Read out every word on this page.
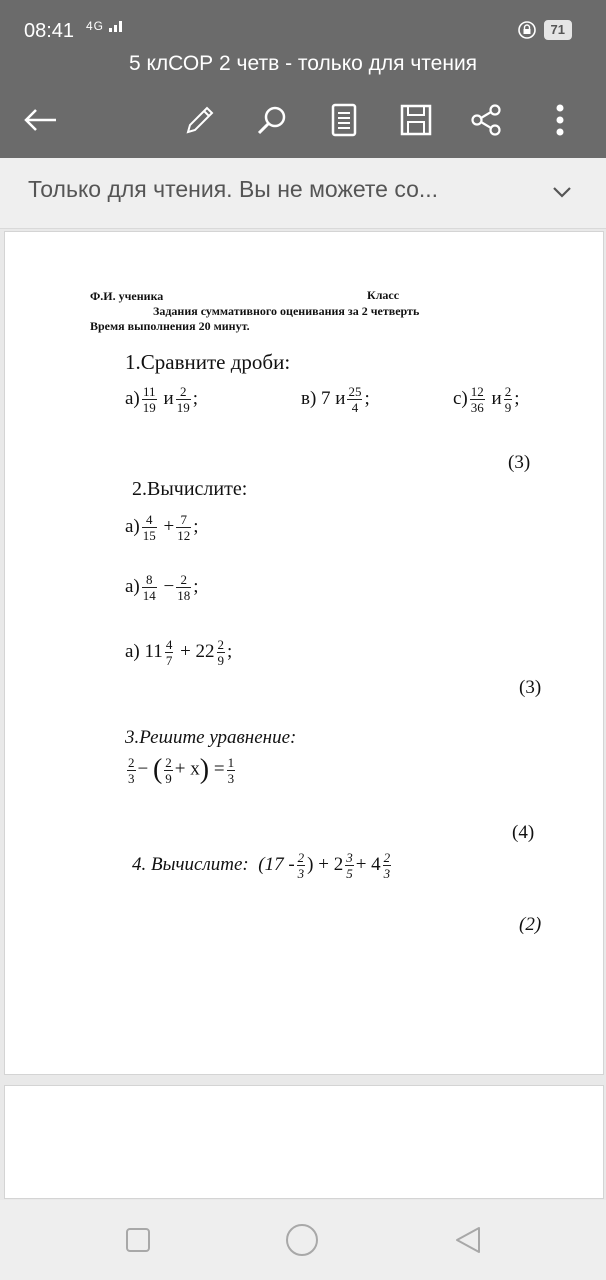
08:41 4G	71
5 клСОР 2 четв - только для чтения
Только для чтения. Вы не можете со...
Ф.И. ученика	Класс
Задания суммативного оценивания за 2 четверть
Время выполнения 20 минут.
1.Сравните дроби:
$а) \frac{11}{19}$ и $\frac{2}{19}$ ;	в) 7 и $\frac{25}{4}$ ;	$с) \frac{12}{36}$ и $\frac{2}{9}$ ;
(3)
2.Вычислите:
$а) \frac{4}{15} + \frac{7}{12}$ ;
$а) \frac{8}{14} - \frac{2}{18}$ ;
а) $11 \frac{4}{7} + 22 \frac{2}{9}$ ;
(3)
3.Решите уравнение:
$\frac{2}{3}$ − ( $\frac{2}{9} + x) = \frac{1}{3}$
(4)
4. Вычислите: ($17 - \frac{2}{3}$ ) + $2 \frac{3}{5} + 4 \frac{2}{3}$
(2)
